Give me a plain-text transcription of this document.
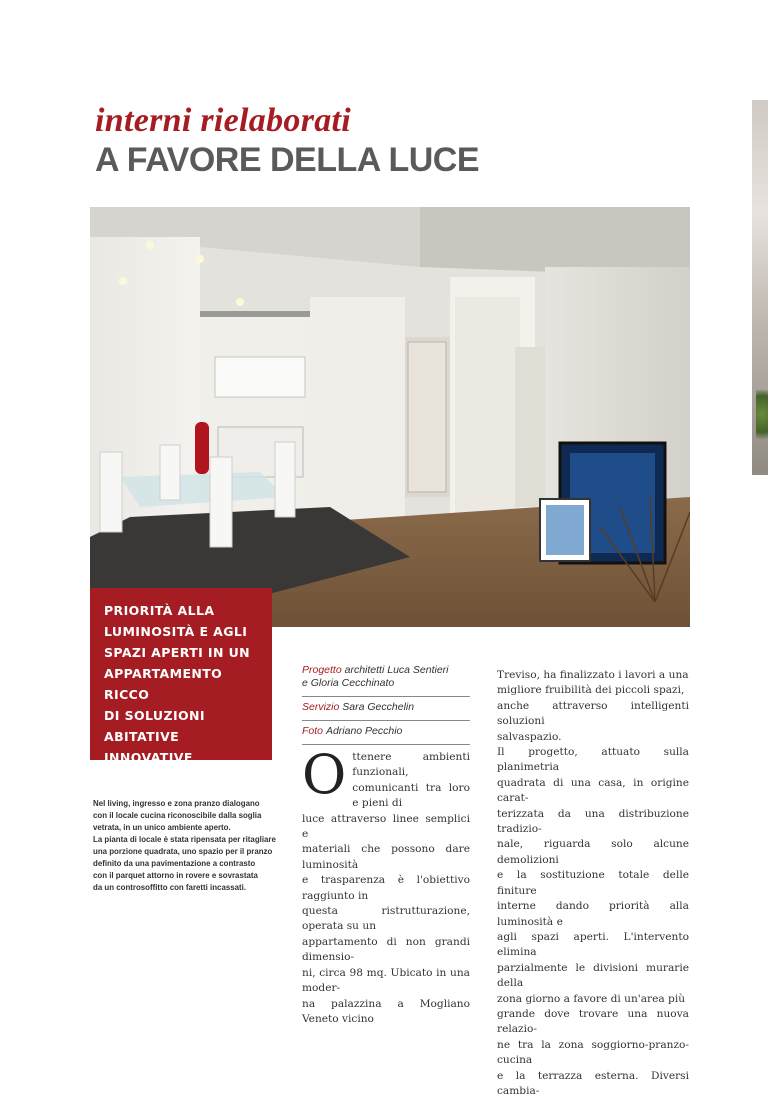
interni rielaborati
A FAVORE DELLA LUCE

PRIORITÀ ALLA

LUMINOSITÀ E AGLI

SPAZI APERTI IN UN

APPARTAMENTO RICCO

DI SOLUZIONI

ABITATIVE INNOVATIVE

E INEDITE IDEE

Nel living, ingresso e zona pranzo dialogano
con il locale cucina riconoscibile dalla soglia
vetrata, in un unico ambiente aperto.
La pianta di locale è stata ripensata per ritagliare
una porzione quadrata, uno spazio per il pranzo
definito da una pavimentazione a contrasto
con il parquet attorno in rovere e sovrastata
da un controsoffitto con faretti incassati.
Progetto architetti Luca Sentieri
e Gloria Cecchinato
Servizio Sara Gecchelin
Foto Adriano Pecchio
O ttenere ambienti funzionali,
comunicanti tra loro e pieni di
luce attraverso linee semplici e
materiali che possono dare luminosità
e trasparenza è l'obiettivo raggiunto in
questa ristrutturazione, operata su un
appartamento di non grandi dimensio-
ni, circa 98 mq. Ubicato in una moder-
na palazzina a Mogliano Veneto vicino
Treviso, ha finalizzato i lavori a una
migliore fruibilità dei piccoli spazi,
anche attraverso intelligenti soluzioni
salvaspazio.
Il progetto, attuato sulla planimetria
quadrata di una casa, in origine carat-
terizzata da una distribuzione tradizio-
nale, riguarda solo alcune demolizioni
e la sostituzione totale delle finiture
interne dando priorità alla luminosità e
agli spazi aperti. L'intervento elimina
parzialmente le divisioni murarie della
zona giorno a favore di un'area più
grande dove trovare una nuova relazio-
ne tra la zona soggiorno-pranzo-cucina
e la terrazza esterna. Diversi cambia-
